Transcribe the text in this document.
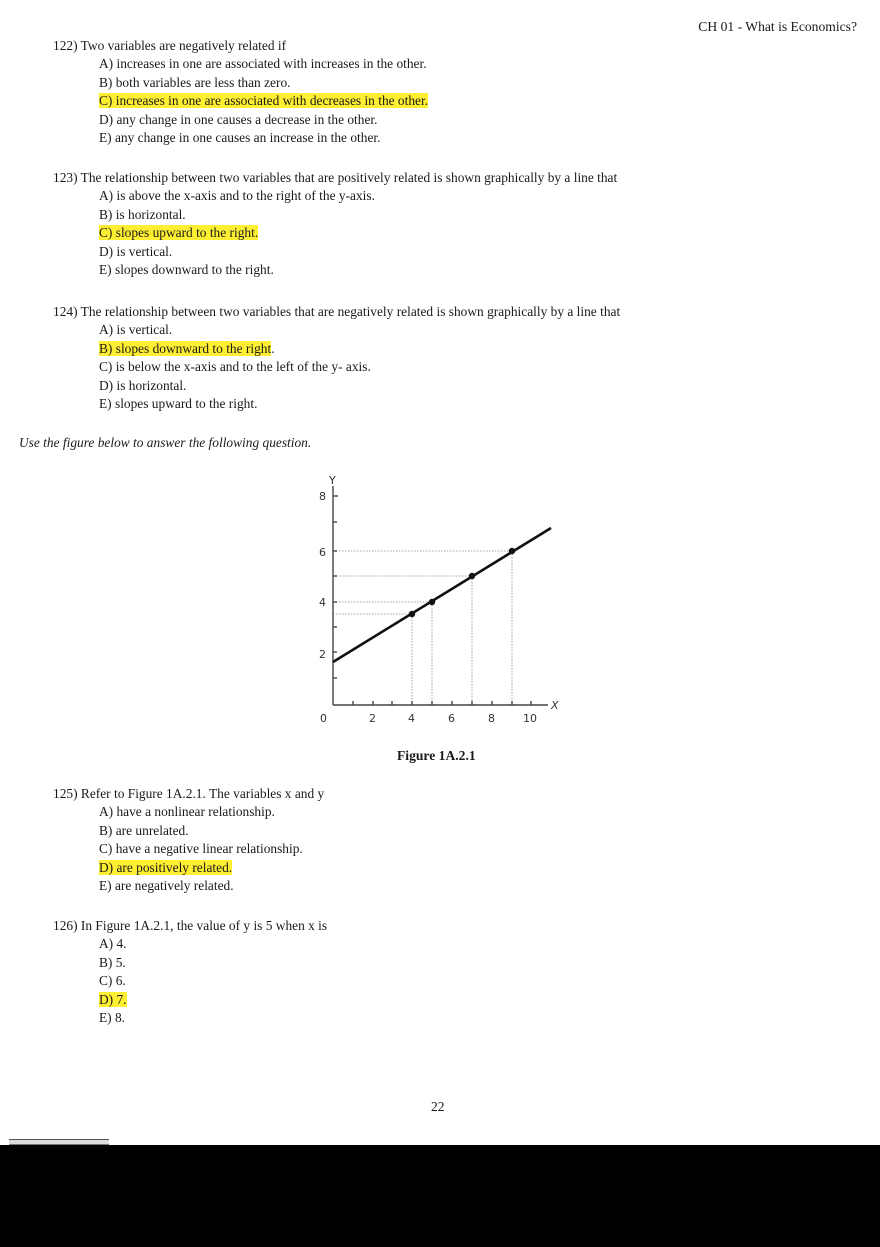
CH 01 - What is Economics?
122) Two variables are negatively related if
A) increases in one are associated with increases in the other.
B) both variables are less than zero.
C) increases in one are associated with decreases in the other.
D) any change in one causes a decrease in the other.
E) any change in one causes an increase in the other.
123) The relationship between two variables that are positively related is shown graphically by a line that
A) is above the x-axis and to the right of the y-axis.
B) is horizontal.
C) slopes upward to the right.
D) is vertical.
E) slopes downward to the right.
124) The relationship between two variables that are negatively related is shown graphically by a line that
A) is vertical.
B) slopes downward to the right.
C) is below the x-axis and to the left of the y- axis.
D) is horizontal.
E) slopes upward to the right.
Use the figure below to answer the following question.
Y
8
6
4
2
0	2	4	6	8	10
X
Figure 1A.2.1
125) Refer to Figure 1A.2.1. The variables x and y
A) have a nonlinear relationship.
B) are unrelated.
C) have a negative linear relationship.
D) are positively related.
E) are negatively related.
126) In Figure 1A.2.1, the value of y is 5 when x is
A) 4.
B) 5.
C) 6.
D) 7.
E) 8.
22
